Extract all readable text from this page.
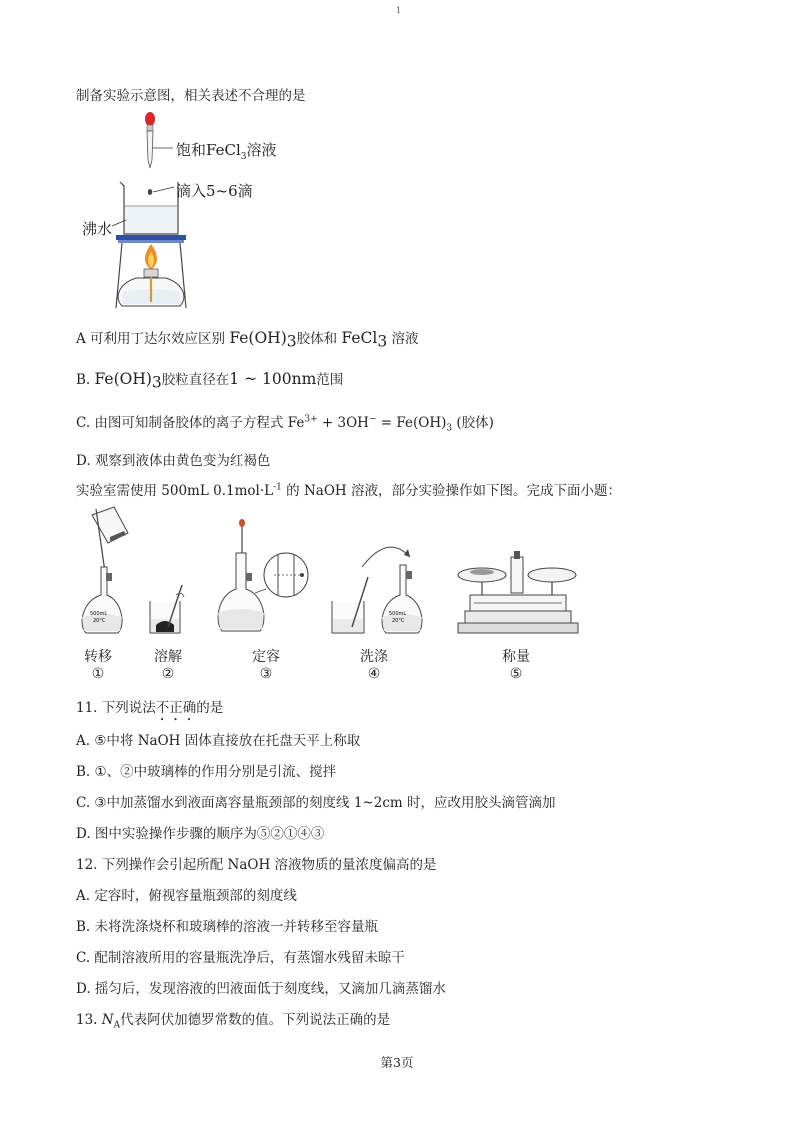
1
制备实验示意图，相关表述不合理的是
饱和FeCl$_3$溶液
滴入5~6滴
沸水
A 可利用丁达尔效应区别 $Fe(OH)_3$胶体和 FeCl$_3$ 溶液
B. $Fe(OH)_3$胶粒直径在1 ~ 100nm范围
C. 由图可知制备胶体的离子方程式 $Fe^{3+} + 3OH^- = Fe(OH)_3$ (胶体)
D. 观察到液体由黄色变为红褐色
实验室需使用 500mL $0.1mol\cdot L^{-1}$ 的 NaOH 溶液，部分实验操作如下图。完成下面小题：
500mL
20°C
500mL
20°C
转移
①
溶解
②
定容
③
洗涤
④
称量
⑤
11. 下列说法不正确的是
A. ⑤中将 NaOH 固体直接放在托盘天平上称取
B. ①、②中玻璃棒的作用分别是引流、搅拌
C. ③中加蒸馏水到液面离容量瓶颈部的刻度线 1~2cm 时，应改用胶头滴管滴加
D. 图中实验操作步骤的顺序为⑤②①④③
12. 下列操作会引起所配 NaOH 溶液物质的量浓度偏高的是
A. 定容时，俯视容量瓶颈部的刻度线
B. 未将洗涤烧杯和玻璃棒的溶液一并转移至容量瓶
C. 配制溶液所用的容量瓶洗净后，有蒸馏水残留未晾干
D. 摇匀后，发现溶液的凹液面低于刻度线，又滴加几滴蒸馏水
13. $N_A$代表阿伏加德罗常数的值。下列说法正确的是
第3页
